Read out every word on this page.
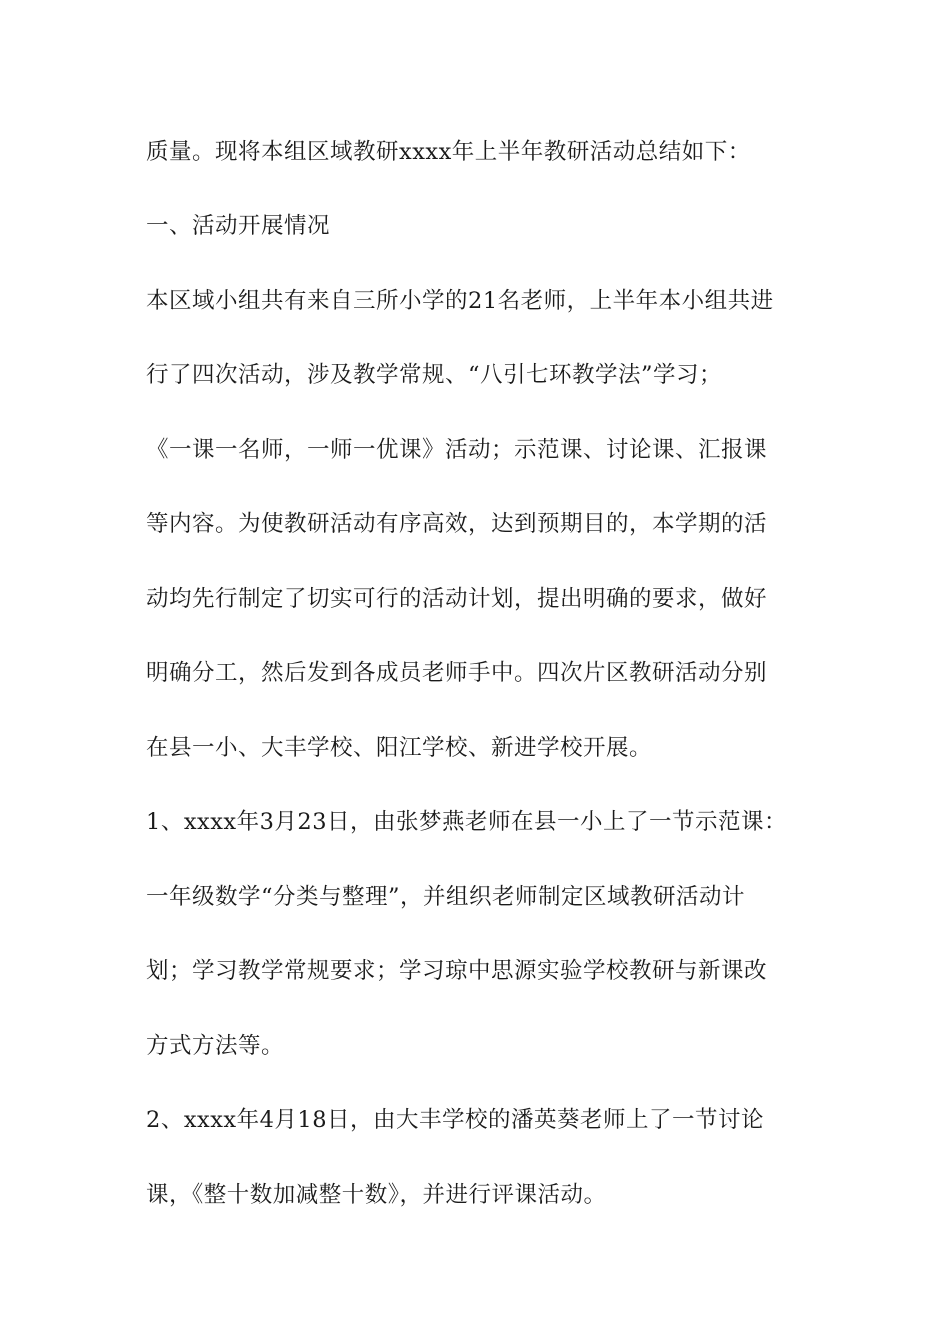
质量。现将本组区域教研xxxx年上半年教研活动总结如下：
一、活动开展情况
本区域小组共有来自三所小学的21名老师，上半年本小组共进
行了四次活动，涉及教学常规、“八引七环教学法”学习；
《一课一名师，一师一优课》活动；示范课、讨论课、汇报课
等内容。为使教研活动有序高效，达到预期目的，本学期的活
动均先行制定了切实可行的活动计划，提出明确的要求，做好
明确分工，然后发到各成员老师手中。四次片区教研活动分别
在县一小、大丰学校、阳江学校、新进学校开展。
1、xxxx年3月23日，由张梦燕老师在县一小上了一节示范课：
一年级数学“分类与整理”，并组织老师制定区域教研活动计
划；学习教学常规要求；学习琼中思源实验学校教研与新课改
方式方法等。
2、xxxx年4月18日，由大丰学校的潘英葵老师上了一节讨论
课，《整十数加减整十数》，并进行评课活动。
